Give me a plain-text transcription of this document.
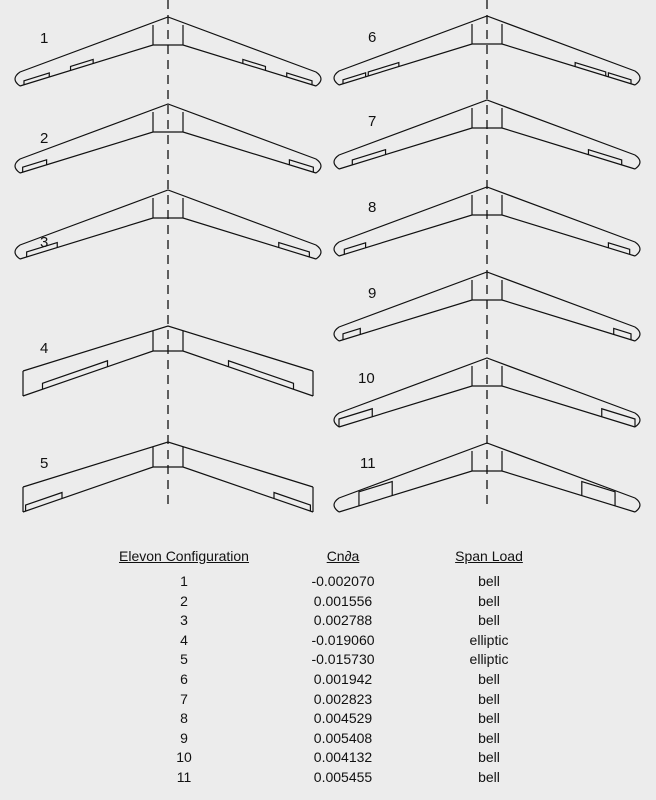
1
2
3
4
5
6
7
8
9
10
11
Elevon Configuration	Cn∂a	Span Load
1	-0.002070	bell
2	0.001556	bell
3	0.002788	bell
4	-0.019060	elliptic
5	-0.015730	elliptic
6	0.001942	bell
7	0.002823	bell
8	0.004529	bell
9	0.005408	bell
10	0.004132	bell
11	0.005455	bell
